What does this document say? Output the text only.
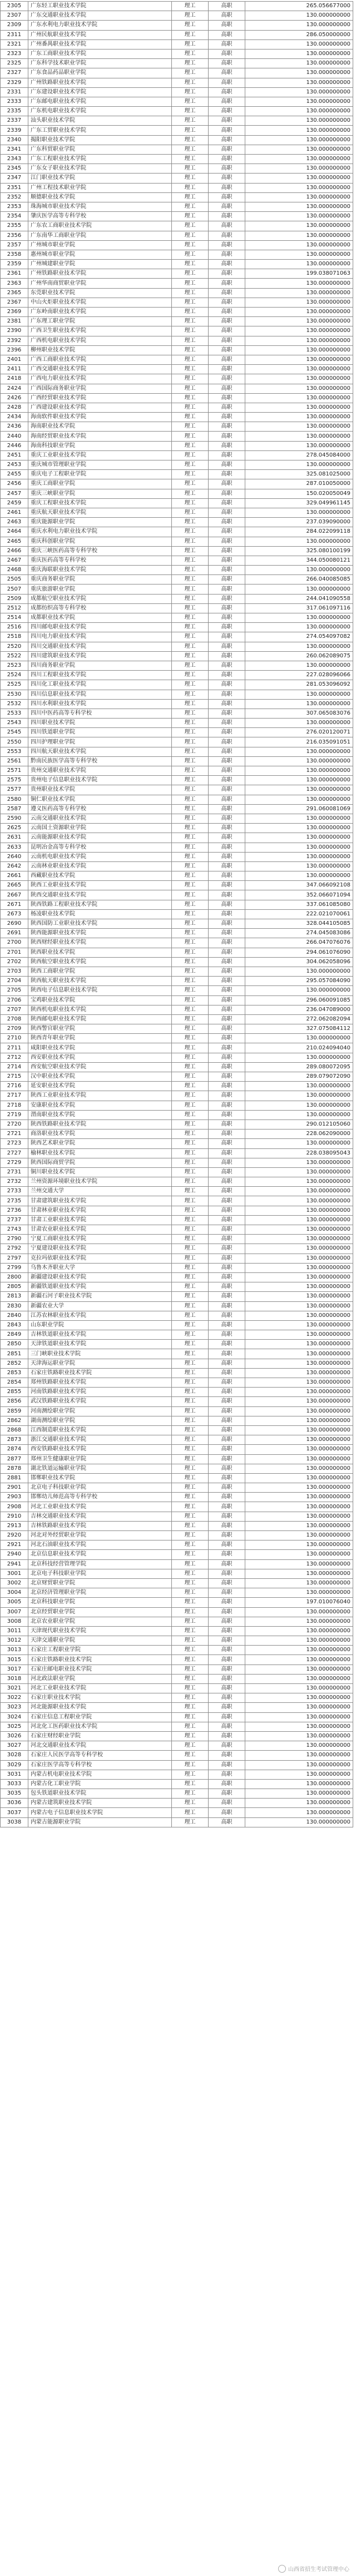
2305	广东轻工职业技术学院	理工	高职	265.056677000
2307	广东交通职业技术学院	理工	高职	130.000000000
2309	广东水利电力职业技术学院	理工	高职	130.000000000
2311	广州民航职业技术学院	理工	高职	286.050000000
2321	广州番禺职业技术学院	理工	高职	130.000000000
2323	广东工商职业技术学院	理工	高职	130.000000000
2325	广东科学技术职业学院	理工	高职	130.000000000
2327	广东食品药品职业学院	理工	高职	130.000000000
2329	广州铁路职业技术学院	理工	高职	130.000000000
2331	广东建设职业技术学院	理工	高职	130.000000000
2333	广东邮电职业技术学院	理工	高职	130.000000000
2335	广东机电职业技术学院	理工	高职	130.000000000
2337	汕头职业技术学院	理工	高职	130.000000000
2339	广东工贸职业技术学院	理工	高职	130.000000000
2340	揭阳职业技术学院	理工	高职	130.000000000
2341	广东科贸职业学院	理工	高职	130.000000000
2343	广东工程职业技术学院	理工	高职	130.000000000
2345	广东女子职业技术学院	理工	高职	130.000000000
2347	江门职业技术学院	理工	高职	130.000000000
2351	广州工程技术职业学院	理工	高职	130.000000000
2352	顺德职业技术学院	理工	高职	130.000000000
2353	珠海城市职业技术学院	理工	高职	130.000000000
2354	肇庆医学高等专科学校	理工	高职	130.000000000
2355	广东农工商职业技术学院	理工	高职	130.000000000
2356	广东南华工商职业学院	理工	高职	130.000000000
2357	广州城市职业学院	理工	高职	130.000000000
2358	惠州城市职业学院	理工	高职	130.000000000
2359	广州城建职业学院	理工	高职	130.000000000
2361	广州铁路职业技术学院	理工	高职	199.038071063
2363	广州华南商贸职业学院	理工	高职	130.000000000
2365	东莞职业技术学院	理工	高职	130.000000000
2367	中山火炬职业技术学院	理工	高职	130.000000000
2369	广东岭南职业技术学院	理工	高职	130.000000000
2381	广东理工职业学院	理工	高职	130.000000000
2390	广西卫生职业技术学院	理工	高职	130.000000000
2392	广西机电职业技术学院	理工	高职	130.000000000
2396	柳州职业技术学院	理工	高职	130.000000000
2401	广西工商职业技术学院	理工	高职	130.000000000
2411	广西交通职业技术学院	理工	高职	130.000000000
2418	广西电力职业技术学院	理工	高职	130.000000000
2424	广西国际商务职业学院	理工	高职	130.000000000
2426	广西经贸职业技术学院	理工	高职	130.000000000
2428	广西建设职业技术学院	理工	高职	130.000000000
2434	海南软件职业技术学院	理工	高职	130.000000000
2436	海南职业技术学院	理工	高职	130.000000000
2440	海南经贸职业技术学院	理工	高职	130.000000000
2446	海南科技职业学院	理工	高职	130.000000000
2451	重庆工业职业技术学院	理工	高职	278.045084000
2453	重庆城市管理职业学院	理工	高职	130.000000000
2455	重庆电子工程职业学院	理工	高职	325.081025000
2456	重庆工商职业学院	理工	高职	287.010050000
2457	重庆三峡职业学院	理工	高职	150.020050049
2459	重庆工程职业技术学院	理工	高职	329.049961145
2461	重庆航天职业技术学院	理工	高职	130.000000000
2463	重庆能源职业学院	理工	高职	237.039090000
2464	重庆水利电力职业技术学院	理工	高职	284.022099118
2465	重庆科创职业学院	理工	高职	130.000000000
2466	重庆三峡医药高等专科学校	理工	高职	325.080100199
2467	重庆医药高等专科学校	理工	高职	344.050080121
2468	重庆海联职业技术学院	理工	高职	130.000000000
2505	重庆商务职业学院	理工	高职	266.040085085
2507	重庆旅游职业学院	理工	高职	130.000000000
2509	成都航空职业技术学院	理工	高职	244.041090558
2512	成都纺织高等专科学校	理工	高职	317.061097116
2514	成都职业技术学院	理工	高职	130.000000000
2516	四川邮电职业技术学院	理工	高职	130.000000000
2518	四川电力职业技术学院	理工	高职	274.054097082
2520	四川交通职业技术学院	理工	高职	130.000000000
2522	四川建筑职业技术学院	理工	高职	260.062089075
2523	四川商务职业学院	理工	高职	130.000000000
2524	四川工程职业技术学院	理工	高职	227.028096066
2525	四川化工职业技术学院	理工	高职	281.053096092
2530	四川信息职业技术学院	理工	高职	130.000000000
2532	四川水利职业技术学院	理工	高职	130.000000000
2533	四川中医药高等专科学校	理工	高职	307.065083076
2543	四川职业技术学院	理工	高职	130.000000000
2545	四川铁道职业学院	理工	高职	276.020120071
2550	四川护理职业学院	理工	高职	216.035091051
2553	四川航天职业技术学院	理工	高职	130.000000000
2561	黔南民族医学高等专科学校	理工	高职	130.000000000
2571	贵州交通职业技术学院	理工	高职	130.000000000
2575	贵州电子信息职业技术学院	理工	高职	130.000000000
2577	贵州职业技术学院	理工	高职	130.000000000
2580	铜仁职业技术学院	理工	高职	130.000000000
2587	遵义医药高等专科学校	理工	高职	291.060081069
2590	云南交通职业技术学院	理工	高职	130.000000000
2625	云南国土资源职业学院	理工	高职	130.000000000
2631	云南能源职业技术学院	理工	高职	130.000000000
2633	昆明冶金高等专科学校	理工	高职	130.000000000
2640	云南机电职业技术学院	理工	高职	130.000000000
2642	云南林业职业技术学院	理工	高职	130.000000000
2661	西藏职业技术学院	理工	高职	130.000000000
2665	陕西工业职业技术学院	理工	高职	347.066092108
2667	陕西交通职业技术学院	理工	高职	352.066071094
2671	陕西铁路工程职业技术学院	理工	高职	337.061085080
2673	杨凌职业技术学院	理工	高职	222.021070061
2690	陕西国防工业职业技术学院	理工	高职	328.044105085
2691	陕西能源职业技术学院	理工	高职	274.045083086
2700	陕西财经职业技术学院	理工	高职	266.047076076
2701	陕西职业技术学院	理工	高职	294.061076090
2702	陕西航空职业技术学院	理工	高职	304.062058096
2703	陕西工商职业学院	理工	高职	130.000000000
2704	陕西航天职业技术学院	理工	高职	295.057084090
2705	陕西电子信息职业技术学院	理工	高职	130.000000000
2706	宝鸡职业技术学院	理工	高职	296.060091085
2707	陕西机电职业技术学院	理工	高职	236.047089000
2708	陕西邮电职业技术学院	理工	高职	272.062082094
2709	陕西警官职业学院	理工	高职	327.075084112
2710	陕西青年职业学院	理工	高职	130.000000000
2711	咸阳职业技术学院	理工	高职	210.024094040
2712	西安职业技术学院	理工	高职	130.000000000
2714	西安航空职业技术学院	理工	高职	289.080072095
2715	汉中职业技术学院	理工	高职	289.079072090
2716	延安职业技术学院	理工	高职	130.000000000
2717	陕西工业职业技术学院	理工	高职	130.000000000
2718	安康职业技术学院	理工	高职	130.000000000
2719	渭南职业技术学院	理工	高职	130.000000000
2720	陕西铁路职业技术学院	理工	高职	290.012105060
2721	商洛职业技术学院	理工	高职	228.062090000
2723	陕西艺术职业学院	理工	高职	130.000000000
2727	榆林职业技术学院	理工	高职	228.038095043
2729	陕西国际商贸学院	理工	高职	130.000000000
2731	铜川职业技术学院	理工	高职	130.000000000
2732	兰州资源环境职业技术学院	理工	高职	130.000000000
2733	兰州交通大学	理工	高职	130.000000000
2735	甘肃建筑职业技术学院	理工	高职	130.000000000
2736	甘肃林业职业技术学院	理工	高职	130.000000000
2737	甘肃工业职业技术学院	理工	高职	130.000000000
2743	甘肃农业职业技术学院	理工	高职	130.000000000
2790	宁夏工商职业技术学院	理工	高职	130.000000000
2792	宁夏建设职业技术学院	理工	高职	130.000000000
2797	克拉玛依职业技术学院	理工	高职	130.000000000
2799	乌鲁木齐职业大学	理工	高职	130.000000000
2800	新疆建设职业技术学院	理工	高职	130.000000000
2805	新疆铁道职业技术学院	理工	高职	130.000000000
2813	新疆石河子职业技术学院	理工	高职	130.000000000
2830	新疆农业大学	理工	高职	130.000000000
2840	江苏农林职业技术学院	理工	高职	130.000000000
2843	山东职业学院	理工	高职	130.000000000
2849	吉林铁道职业技术学院	理工	高职	130.000000000
2850	天津铁道职业技术学院	理工	高职	130.000000000
2851	三门峡职业技术学院	理工	高职	130.000000000
2852	天津海运职业学院	理工	高职	130.000000000
2853	石家庄铁路职业技术学院	理工	高职	130.000000000
2854	郑州铁路职业技术学院	理工	高职	130.000000000
2855	河南铁路职业技术学院	理工	高职	130.000000000
2856	武汉铁路职业技术学院	理工	高职	130.000000000
2859	河南测绘职业学院	理工	高职	130.000000000
2862	湖南测绘职业学院	理工	高职	130.000000000
2868	江西制造职业技术学院	理工	高职	130.000000000
2873	浙江交通职业技术学院	理工	高职	130.000000000
2874	西安铁路职业技术学院	理工	高职	130.000000000
2877	郑州卫生健康职业学院	理工	高职	130.000000000
2878	湖北铁道运输职业学院	理工	高职	130.000000000
2881	邯郸职业技术学院	理工	高职	130.000000000
2901	北京电子科技职业学院	理工	高职	130.000000000
2903	邯郸幼儿师范高等专科学校	理工	高职	130.000000000
2908	河北工业职业技术学院	理工	高职	130.000000000
2910	吉林交通职业技术学院	理工	高职	130.000000000
2913	吉林铁路职业技术学院	理工	高职	130.000000000
2920	河北对外经贸职业学院	理工	高职	130.000000000
2921	河北石油职业技术学院	理工	高职	130.000000000
2940	北京信息职业技术学院	理工	高职	130.000000000
2941	北京科技经营管理学院	理工	高职	130.000000000
3001	北京电子科技职业学院	理工	高职	130.000000000
3002	北京财贸职业学院	理工	高职	130.000000000
3004	北京经济管理职业学院	理工	高职	130.000000000
3005	北京科技职业学院	理工	高职	197.010076040
3007	北京经贸职业学院	理工	高职	130.000000000
3008	北京农业职业学院	理工	高职	130.000000000
3011	天津现代职业技术学院	理工	高职	130.000000000
3012	天津交通职业学院	理工	高职	130.000000000
3013	石家庄工程职业学院	理工	高职	130.000000000
3015	石家庄铁路职业技术学院	理工	高职	130.000000000
3017	石家庄邮电职业技术学院	理工	高职	130.000000000
3018	河北政法职业学院	理工	高职	130.000000000
3021	河北工业职业技术学院	理工	高职	130.000000000
3022	石家庄职业技术学院	理工	高职	130.000000000
3023	河北能源职业技术学院	理工	高职	130.000000000
3024	石家庄信息工程职业学院	理工	高职	130.000000000
3025	河北化工医药职业技术学院	理工	高职	130.000000000
3026	石家庄财经职业学院	理工	高职	130.000000000
3027	河北交通职业技术学院	理工	高职	130.000000000
3028	石家庄人民医学高等专科学校	理工	高职	130.000000000
3029	石家庄医学高等专科学校	理工	高职	130.000000000
3031	内蒙古机电职业技术学院	理工	高职	130.000000000
3033	内蒙古化工职业学院	理工	高职	130.000000000
3035	包头铁道职业技术学院	理工	高职	130.000000000
3036	内蒙古建筑职业技术学院	理工	高职	130.000000000
3037	内蒙古电子信息职业技术学院	理工	高职	130.000000000
3038	内蒙古能源职业学院	理工	高职	130.000000000
山西省招生考试管理中心
